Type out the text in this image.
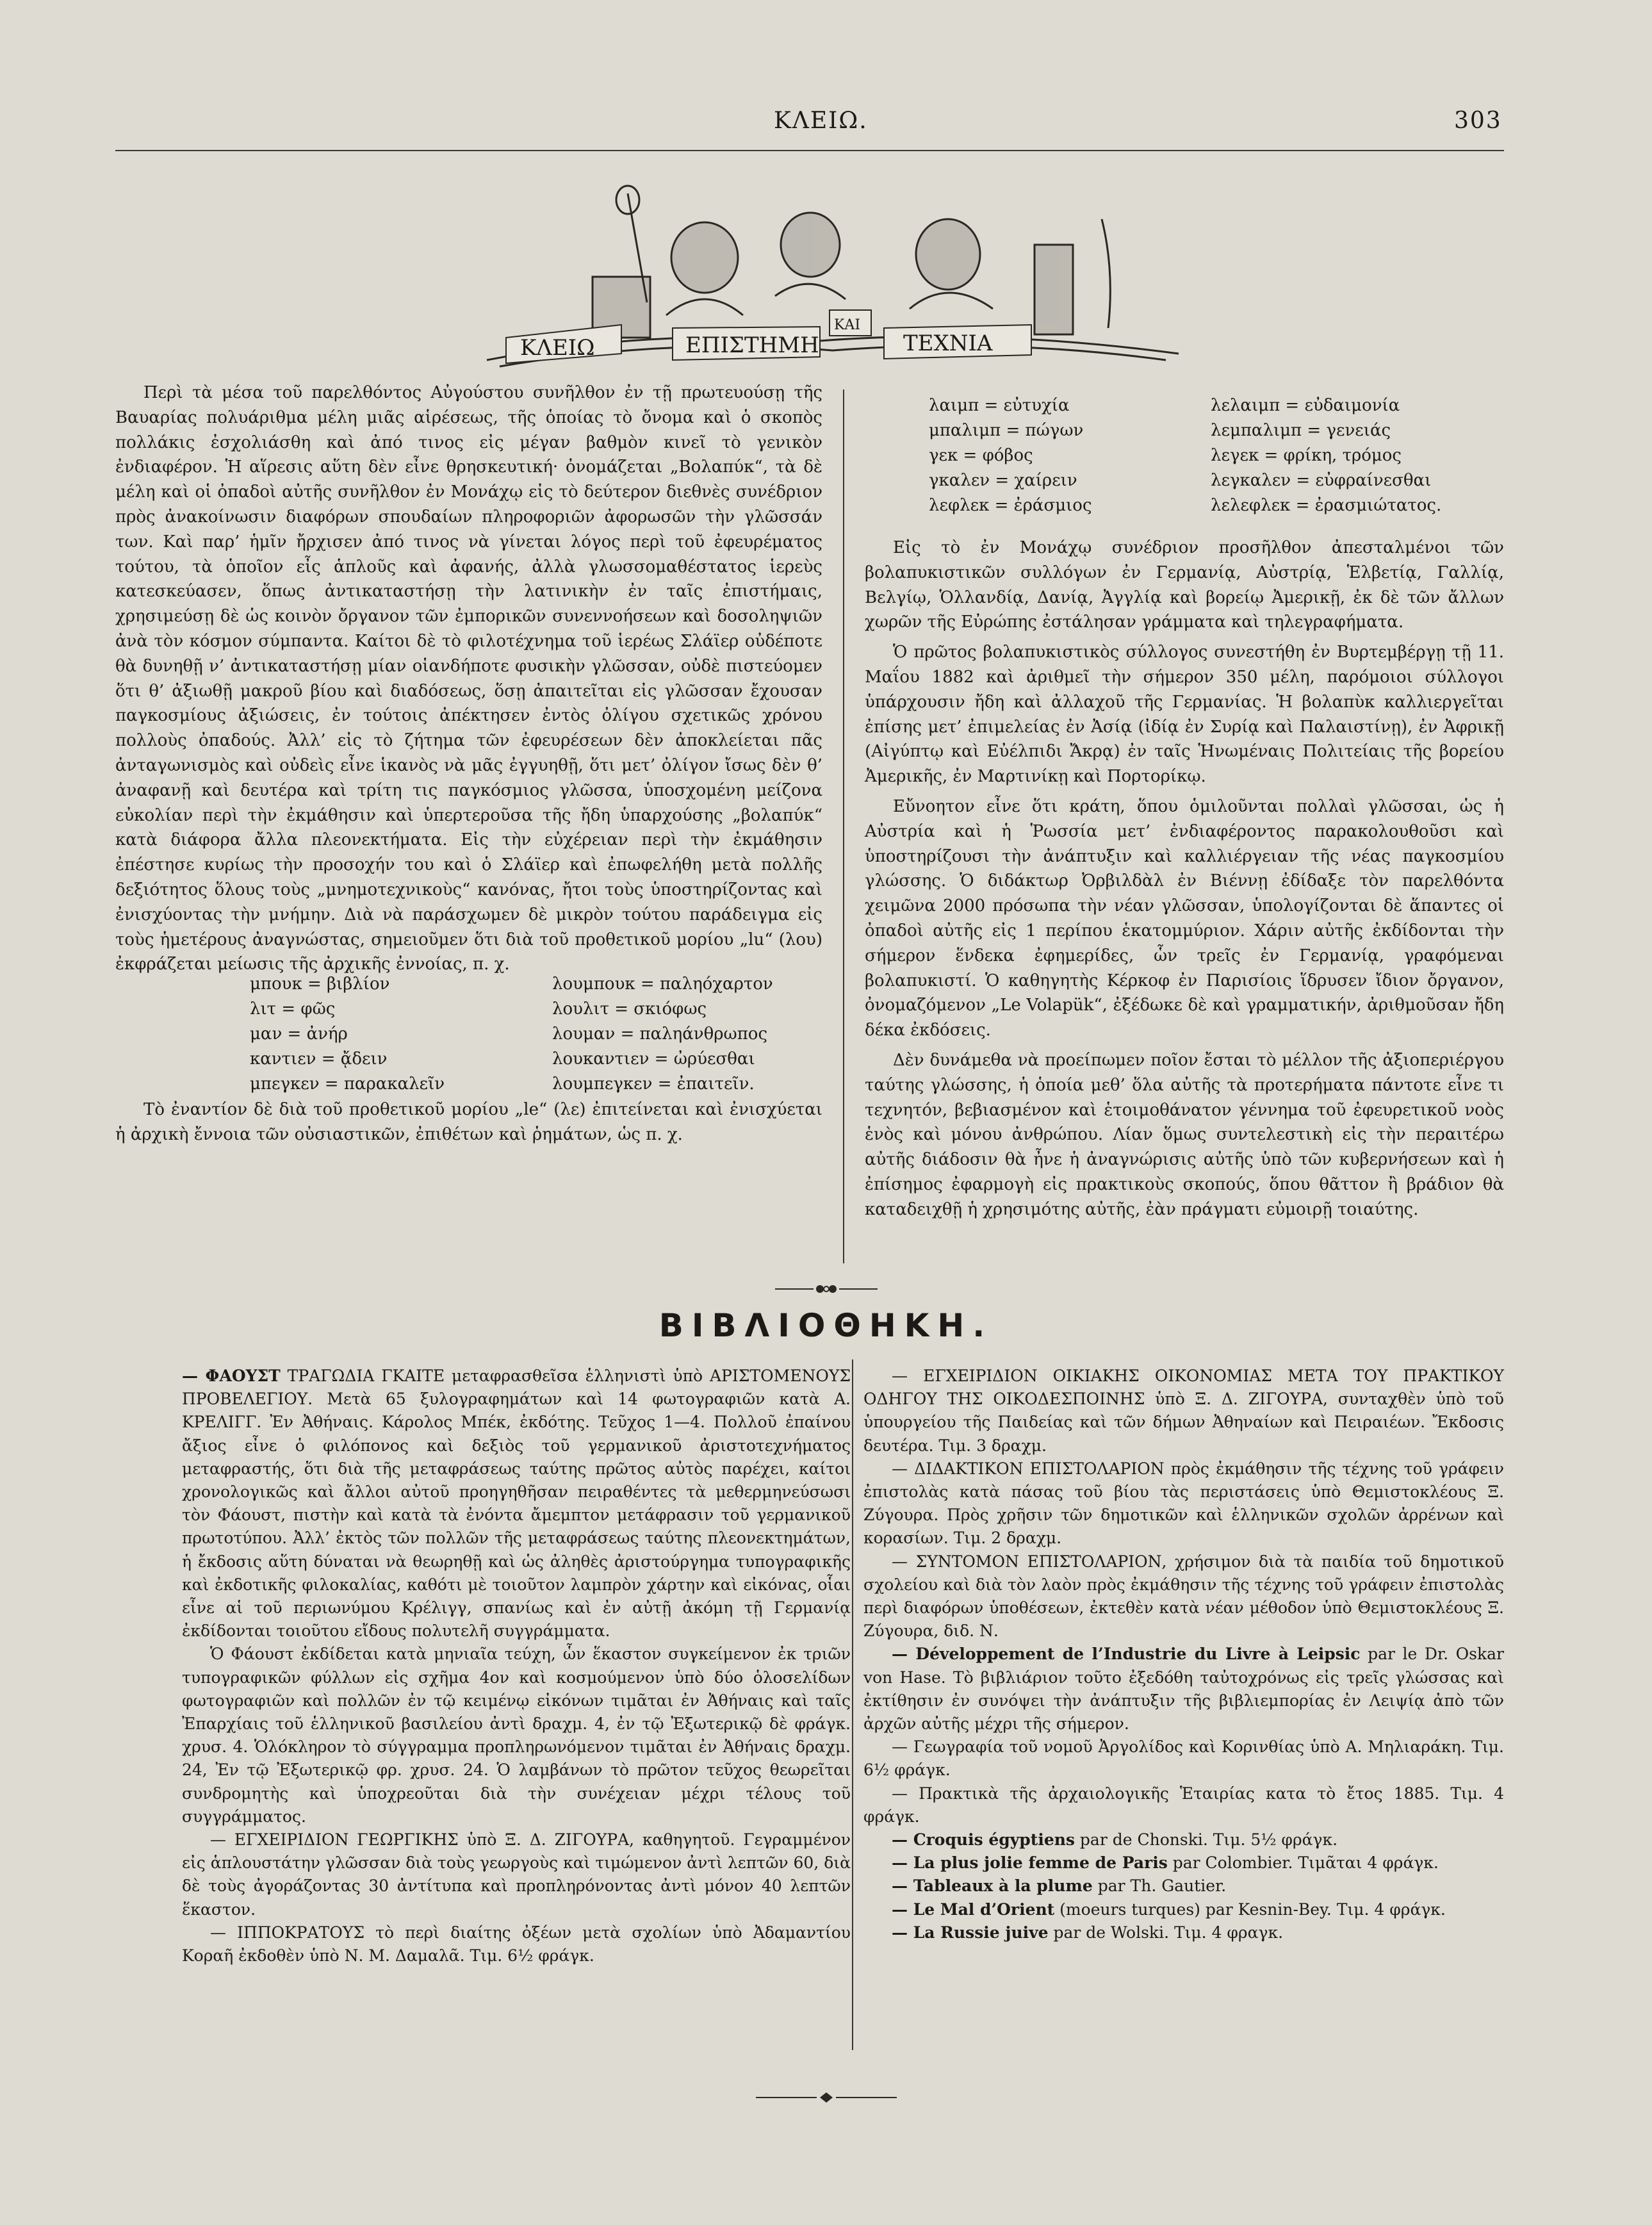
ΚΛΕΙΩ.	303
ΚΛΕΙΩ	ΕΠΙΣΤΗΜΗ
ΚΑΙ
ΤΕΧΝΙΑ

Περὶ τὰ μέσα τοῦ παρελθόντος Αὐγούστου συνῆλθον ἐν τῇ πρωτευούσῃ τῆς Βαυαρίας πολυάριθμα μέλη μιᾶς αἱρέσεως, τῆς ὁποίας τὸ ὄνομα καὶ ὁ σκοπὸς πολλάκις ἐσχολιάσθη καὶ ἀπό τινος εἰς μέγαν βαθμὸν κινεῖ τὸ γενικὸν ἐνδιαφέρον. Ἡ αἵρεσις αὕτη δὲν εἶνε θρησκευτική· ὀνομάζεται „Βολαπύκ“, τὰ δὲ μέλη καὶ οἱ ὀπαδοὶ αὐτῆς συνῆλθον ἐν Μονάχῳ εἰς τὸ δεύτερον διεθνὲς συνέδριον πρὸς ἀνακοίνωσιν διαφόρων σπουδαίων πληροφοριῶν ἀφορωσῶν τὴν γλῶσσάν των. Καὶ παρ’ ἡμῖν ἤρχισεν ἀπό τινος νὰ γίνεται λόγος περὶ τοῦ ἐφευρέματος τούτου, τὰ ὁποῖον εἶς ἁπλοῦς καὶ ἀφανής, ἀλλὰ γλωσσομαθέστατος ἱερεὺς κατεσκεύασεν, ὅπως ἀντικαταστήσῃ τὴν λατινικὴν ἐν ταῖς ἐπιστήμαις, χρησιμεύσῃ δὲ ὡς κοινὸν ὄργανον τῶν ἐμπορικῶν συνεννοήσεων καὶ δοσοληψιῶν ἀνὰ τὸν κόσμον σύμπαντα. Καίτοι δὲ τὸ φιλοτέχνημα τοῦ ἱερέως Σλάϊερ οὐδέποτε θὰ δυνηθῇ ν’ ἀντικαταστήσῃ μίαν οἱανδήποτε φυσικὴν γλῶσσαν, οὐδὲ πιστεύομεν ὅτι θ’ ἀξιωθῇ μακροῦ βίου καὶ διαδόσεως, ὅσῃ ἀπαιτεῖται εἰς γλῶσσαν ἔχουσαν παγκοσμίους ἀξιώσεις, ἐν τούτοις ἀπέκτησεν ἐντὸς ὀλίγου σχετικῶς χρόνου πολλοὺς ὀπαδούς. Ἀλλ’ εἰς τὸ ζήτημα τῶν ἐφευρέσεων δὲν ἀποκλείεται πᾶς ἀνταγωνισμὸς καὶ οὐδεὶς εἶνε ἱκανὸς νὰ μᾶς ἐγγυηθῇ, ὅτι μετ’ ὀλίγον ἴσως δὲν θ’ ἀναφανῇ καὶ δευτέρα καὶ τρίτη τις παγκόσμιος γλῶσσα, ὑποσχομένη μείζονα εὐκολίαν περὶ τὴν ἐκμάθησιν καὶ ὑπερτεροῦσα τῆς ἤδη ὑπαρχούσης „βολαπύκ“ κατὰ διάφορα ἄλλα πλεονεκτήματα. Εἰς τὴν εὐχέρειαν περὶ τὴν ἐκμάθησιν ἐπέστησε κυρίως τὴν προσοχήν του καὶ ὁ Σλάϊερ καὶ ἐπωφελήθη μετὰ πολλῆς δεξιότητος ὅλους τοὺς „μνημοτεχνικοὺς“ κανόνας, ἤτοι τοὺς ὑποστηρίζοντας καὶ ἐνισχύοντας τὴν μνήμην. Διὰ νὰ παράσχωμεν δὲ μικρὸν τούτου παράδειγμα εἰς τοὺς ἡμετέρους ἀναγνώστας, σημειοῦμεν ὅτι διὰ τοῦ προθετικοῦ μορίου „lu“ (λου) ἐκφράζεται μείωσις τῆς ἀρχικῆς ἐννοίας, π. χ.

μπουκ = βιβλίον	λουμπουκ = παληόχαρτον
λιτ = φῶς	λουλιτ = σκιόφως
μαν = ἀνήρ	λουμαν = παληάνθρωπος
καντιεν = ᾄδειν	λουκαντιεν = ὠρύεσθαι
μπεγκεν = παρακαλεῖν	λουμπεγκεν = ἐπαιτεῖν.

Τὸ ἐναντίον δὲ διὰ τοῦ προθετικοῦ μορίου „le“ (λε) ἐπιτείνεται καὶ ἐνισχύεται ἡ ἀρχικὴ ἔννοια τῶν οὐσιαστικῶν, ἐπιθέτων καὶ ῥημάτων, ὡς π. χ.

λαιμπ = εὐτυχία	λελαιμπ = εὐδαιμονία
μπαλιμπ = πώγων	λεμπαλιμπ = γενειάς
γεκ = φόβος	λεγεκ = φρίκη, τρόμος
γκαλεν = χαίρειν	λεγκαλεν = εὐφραίνεσθαι
λεφλεκ = ἐράσμιος	λελεφλεκ = ἐρασμιώτατος.

Εἰς τὸ ἐν Μονάχῳ συνέδριον προσῆλθον ἀπεσταλμένοι τῶν βολαπυκιστικῶν συλλόγων ἐν Γερμανίᾳ, Αὐστρίᾳ, Ἑλβετίᾳ, Γαλλίᾳ, Βελγίῳ, Ὁλλανδίᾳ, Δανίᾳ, Ἀγγλίᾳ καὶ βορείῳ Ἀμερικῇ, ἐκ δὲ τῶν ἄλλων χωρῶν τῆς Εὐρώπης ἐστάλησαν γράμματα καὶ τηλεγραφήματα.

Ὁ πρῶτος βολαπυκιστικὸς σύλλογος συνεστήθη ἐν Βυρτεμβέργῃ τῇ 11. Μαΐου 1882 καὶ ἀριθμεῖ τὴν σήμερον 350 μέλη, παρόμοιοι σύλλογοι ὑπάρχουσιν ἤδη καὶ ἀλλαχοῦ τῆς Γερμανίας. Ἡ βολαπὺκ καλλιεργεῖται ἐπίσης μετ’ ἐπιμελείας ἐν Ἀσίᾳ (ἰδίᾳ ἐν Συρίᾳ καὶ Παλαιστίνῃ), ἐν Ἀφρικῇ (Αἰγύπτῳ καὶ Εὐέλπιδι Ἄκρᾳ) ἐν ταῖς Ἡνωμέναις Πολιτείαις τῆς βορείου Ἀμερικῆς, ἐν Μαρτινίκῃ καὶ Πορτορίκῳ.

Εὔνοητον εἶνε ὅτι κράτη, ὅπου ὁμιλοῦνται πολλαὶ γλῶσσαι, ὡς ἡ Αὐστρία καὶ ἡ Ῥωσσία μετ’ ἐνδιαφέροντος παρακολουθοῦσι καὶ ὑποστηρίζουσι τὴν ἀνάπτυξιν καὶ καλλιέργειαν τῆς νέας παγκοσμίου γλώσσης. Ὁ διδάκτωρ Ὀρβιλδὰλ ἐν Βιέννῃ ἐδίδαξε τὸν παρελθόντα χειμῶνα 2000 πρόσωπα τὴν νέαν γλῶσσαν, ὑπολογίζονται δὲ ἅπαντες οἱ ὀπαδοὶ αὐτῆς εἰς 1 περίπου ἑκατομμύριον. Χάριν αὐτῆς ἐκδίδονται τὴν σήμερον ἕνδεκα ἐφημερίδες, ὧν τρεῖς ἐν Γερμανίᾳ, γραφόμεναι βολαπυκιστί. Ὁ καθηγητὴς Κέρκοφ ἐν Παρισίοις ἵδρυσεν ἴδιον ὄργανον, ὀνομαζόμενον „Le Volapük“, ἐξέδωκε δὲ καὶ γραμματικήν, ἀριθμοῦσαν ἤδη δέκα ἐκδόσεις.

Δὲν δυνάμεθα νὰ προείπωμεν ποῖον ἔσται τὸ μέλλον τῆς ἀξιοπεριέργου ταύτης γλώσσης, ἡ ὁποία μεθ’ ὅλα αὐτῆς τὰ προτερήματα πάντοτε εἶνε τι τεχνητόν, βεβιασμένον καὶ ἑτοιμοθάνατον γέννημα τοῦ ἐφευρετικοῦ νοὸς ἑνὸς καὶ μόνου ἀνθρώπου. Λίαν ὅμως συντελεστικὴ εἰς τὴν περαιτέρω αὐτῆς διάδοσιν θὰ ἦνε ἡ ἀναγνώρισις αὐτῆς ὑπὸ τῶν κυβερνήσεων καὶ ἡ ἐπίσημος ἐφαρμογὴ εἰς πρακτικοὺς σκοπούς, ὅπου θᾶττον ἢ βράδιον θὰ καταδειχθῇ ἡ χρησιμότης αὐτῆς, ἐὰν πράγματι εὐμοιρῇ τοιαύτης.

ΒΙΒΛΙΟΘΗΚΗ.

— ΦΑΟΥΣΤ ΤΡΑΓΩΔΙΑ ΓΚΑΙΤΕ μεταφρασθεῖσα ἑλληνιστὶ ὑπὸ ΑΡΙΣΤΟΜΕΝΟΥΣ ΠΡΟΒΕΛΕΓΙΟΥ. Μετὰ 65 ξυλογραφημάτων καὶ 14 φωτογραφιῶν κατὰ Α. ΚΡΕΛΙΓΓ. Ἐν Ἀθήναις. Κάρολος Μπέκ, ἐκδότης. Τεῦχος 1—4. Πολλοῦ ἐπαίνου ἄξιος εἶνε ὁ φιλόπονος καὶ δεξιὸς τοῦ γερμανικοῦ ἀριστοτεχνήματος μεταφραστής, ὅτι διὰ τῆς μεταφράσεως ταύτης πρῶτος αὐτὸς παρέχει, καίτοι χρονολογικῶς καὶ ἄλλοι αὐτοῦ προηγηθῆσαν πειραθέντες τὰ μεθερμηνεύσωσι τὸν Φάουστ, πιστὴν καὶ κατὰ τὰ ἐνόντα ἄμεμπτον μετάφρασιν τοῦ γερμανικοῦ πρωτοτύπου. Ἀλλ’ ἐκτὸς τῶν πολλῶν τῆς μεταφράσεως ταύτης πλεονεκτημάτων, ἡ ἔκδοσις αὕτη δύναται νὰ θεωρηθῇ καὶ ὡς ἀληθὲς ἀριστούργημα τυπογραφικῆς καὶ ἐκδοτικῆς φιλοκαλίας, καθότι μὲ τοιοῦτον λαμπρὸν χάρτην καὶ εἰκόνας, οἷαι εἶνε αἱ τοῦ περιωνύμου Κρέλιγγ, σπανίως καὶ ἐν αὐτῇ ἀκόμη τῇ Γερμανίᾳ ἐκδίδονται τοιοῦτου εἴδους πολυτελῆ συγγράμματα.

Ὁ Φάουστ ἐκδίδεται κατὰ μηνιαῖα τεύχη, ὧν ἕκαστον συγκείμενον ἐκ τριῶν τυπογραφικῶν φύλλων εἰς σχῆμα 4ον καὶ κοσμούμενον ὑπὸ δύο ὁλοσελίδων φωτογραφιῶν καὶ πολλῶν ἐν τῷ κειμένῳ εἰκόνων τιμᾶται ἐν Ἀθήναις καὶ ταῖς Ἐπαρχίαις τοῦ ἑλληνικοῦ βασιλείου ἀντὶ δραχμ. 4, ἐν τῷ Ἐξωτερικῷ δὲ φράγκ. χρυσ. 4. Ὁλόκληρον τὸ σύγγραμμα προπληρωνόμενον τιμᾶται ἐν Ἀθήναις δραχμ. 24, Ἐν τῷ Ἐξωτερικῷ φρ. χρυσ. 24. Ὁ λαμβάνων τὸ πρῶτον τεῦχος θεωρεῖται συνδρομητὴς καὶ ὑποχρεοῦται διὰ τὴν συνέχειαν μέχρι τέλους τοῦ συγγράμματος.

— ΕΓΧΕΙΡΙΔΙΟΝ ΓΕΩΡΓΙΚΗΣ ὑπὸ Ξ. Δ. ΖΙΓΟΥΡΑ, καθηγητοῦ. Γεγραμμένον εἰς ἁπλουστάτην γλῶσσαν διὰ τοὺς γεωργοὺς καὶ τιμώμενον ἀντὶ λεπτῶν 60, διὰ δὲ τοὺς ἀγοράζοντας 30 ἀντίτυπα καὶ προπληρόνοντας ἀντὶ μόνον 40 λεπτῶν ἕκαστον.

— ΙΠΠΟΚΡΑΤΟΥΣ τὸ περὶ διαίτης ὀξέων μετὰ σχολίων ὑπὸ Ἀδαμαντίου Κοραῆ ἐκδοθὲν ὑπὸ Ν. Μ. Δαμαλᾶ. Τιμ. 6½ φράγκ.

— ΕΓΧΕΙΡΙΔΙΟΝ ΟΙΚΙΑΚΗΣ ΟΙΚΟΝΟΜΙΑΣ ΜΕΤΑ ΤΟΥ ΠΡΑΚΤΙΚΟΥ ΟΔΗΓΟΥ ΤΗΣ ΟΙΚΟΔΕΣΠΟΙΝΗΣ ὑπὸ Ξ. Δ. ΖΙΓΟΥΡΑ, συνταχθὲν ὑπὸ τοῦ ὑπουργείου τῆς Παιδείας καὶ τῶν δήμων Ἀθηναίων καὶ Πειραιέων. Ἔκδοσις δευτέρα. Τιμ. 3 δραχμ.

— ΔΙΔΑΚΤΙΚΟΝ ΕΠΙΣΤΟΛΑΡΙΟΝ πρὸς ἐκμάθησιν τῆς τέχνης τοῦ γράφειν ἐπιστολὰς κατὰ πάσας τοῦ βίου τὰς περιστάσεις ὑπὸ Θεμιστοκλέους Ξ. Ζύγουρα. Πρὸς χρῆσιν τῶν δημοτικῶν καὶ ἑλληνικῶν σχολῶν ἀρρένων καὶ κορασίων. Τιμ. 2 δραχμ.

— ΣΥΝΤΟΜΟΝ ΕΠΙΣΤΟΛΑΡΙΟΝ, χρήσιμον διὰ τὰ παιδία τοῦ δημοτικοῦ σχολείου καὶ διὰ τὸν λαὸν πρὸς ἐκμάθησιν τῆς τέχνης τοῦ γράφειν ἐπιστολὰς περὶ διαφόρων ὑποθέσεων, ἐκτεθὲν κατὰ νέαν μέθοδον ὑπὸ Θεμιστοκλέους Ξ. Ζύγουρα, διδ. Ν.

— Développement de l’Industrie du Livre à Leipsic par le Dr. Oskar von Hase. Τὸ βιβλιάριον τοῦτο ἐξεδόθη ταὐτοχρόνως εἰς τρεῖς γλώσσας καὶ ἐκτίθησιν ἐν συνόψει τὴν ἀνάπτυξιν τῆς βιβλιεμπορίας ἐν Λειψίᾳ ἀπὸ τῶν ἀρχῶν αὐτῆς μέχρι τῆς σήμερον.

— Γεωγραφία τοῦ νομοῦ Ἀργολίδος καὶ Κορινθίας ὑπὸ Α. Μηλιαράκη. Τιμ. 6½ φράγκ.

— Πρακτικὰ τῆς ἀρχαιολογικῆς Ἑταιρίας κατα τὸ ἔτος 1885. Τιμ. 4 φράγκ.

— Croquis égyptiens par de Chonski. Τιμ. 5½ φράγκ.

— La plus jolie femme de Paris par Colombier. Τιμᾶται 4 φράγκ.

— Tableaux à la plume par Th. Gautier.

— Le Mal d’Orient (moeurs turques) par Kesnin-Bey. Τιμ. 4 φράγκ.

— La Russie juive par de Wolski. Τιμ. 4 φραγκ.
